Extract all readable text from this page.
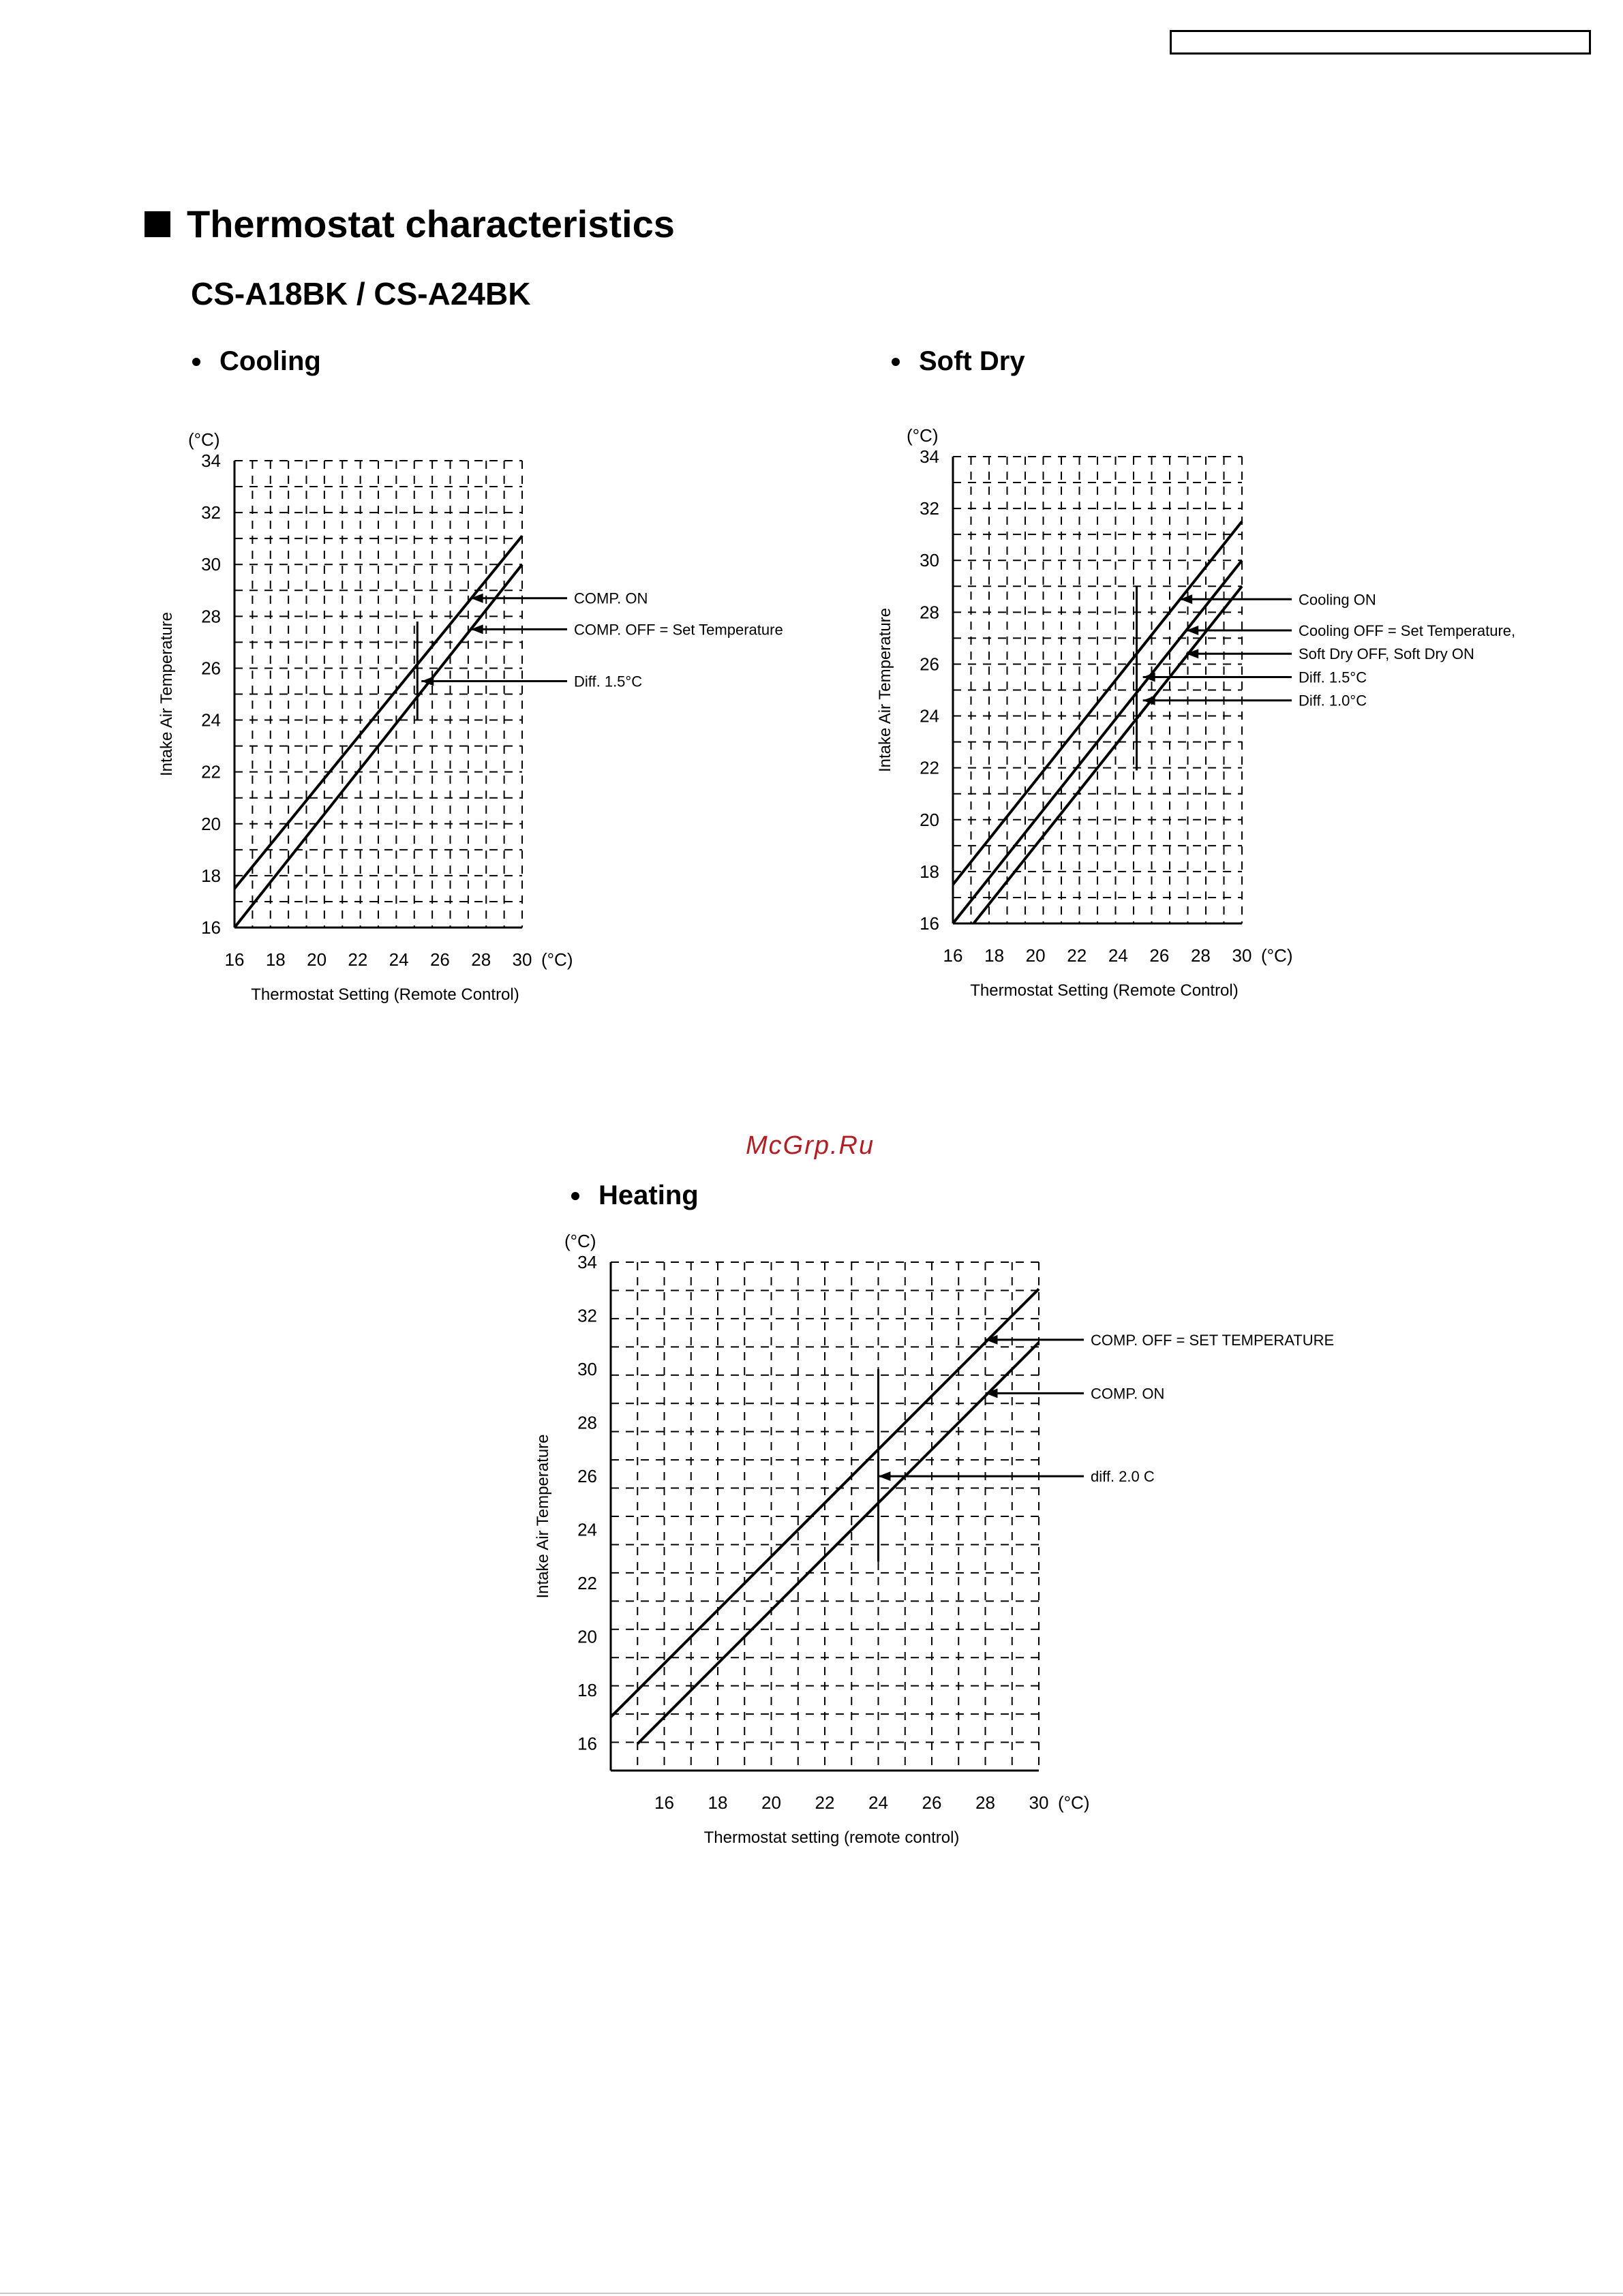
Thermostat characteristics
CS-A18BK / CS-A24BK
Cooling	Soft Dry
Heating
McGrp.Ru
16 18 20 22 24 26 28 30
16
18
20
22
24
26
28
30
32
34
(°C)
(°C)
Thermostat Setting (Remote Control)
Intake Air Temperature
COMP. ON
COMP. OFF = Set Temperature
Diff. 1.5°C
16 18 20 22 24 26 28 30
16
18
20
22
24
26
28
30
32
34
(°C)
(°C)
Thermostat Setting (Remote Control)
Intake Air Temperature
Cooling ON
Cooling OFF = Set Temperature,
Soft Dry OFF, Soft Dry ON
Diff. 1.5°C
Diff. 1.0°C
16 18 20 22 24 26 28 30
16
18
20
22
24
26
28
30
32
34
(°C)
(°C)
Thermostat setting (remote control)
Intake Air Temperature
COMP. OFF = SET TEMPERATURE
COMP. ON
diff. 2.0 C
